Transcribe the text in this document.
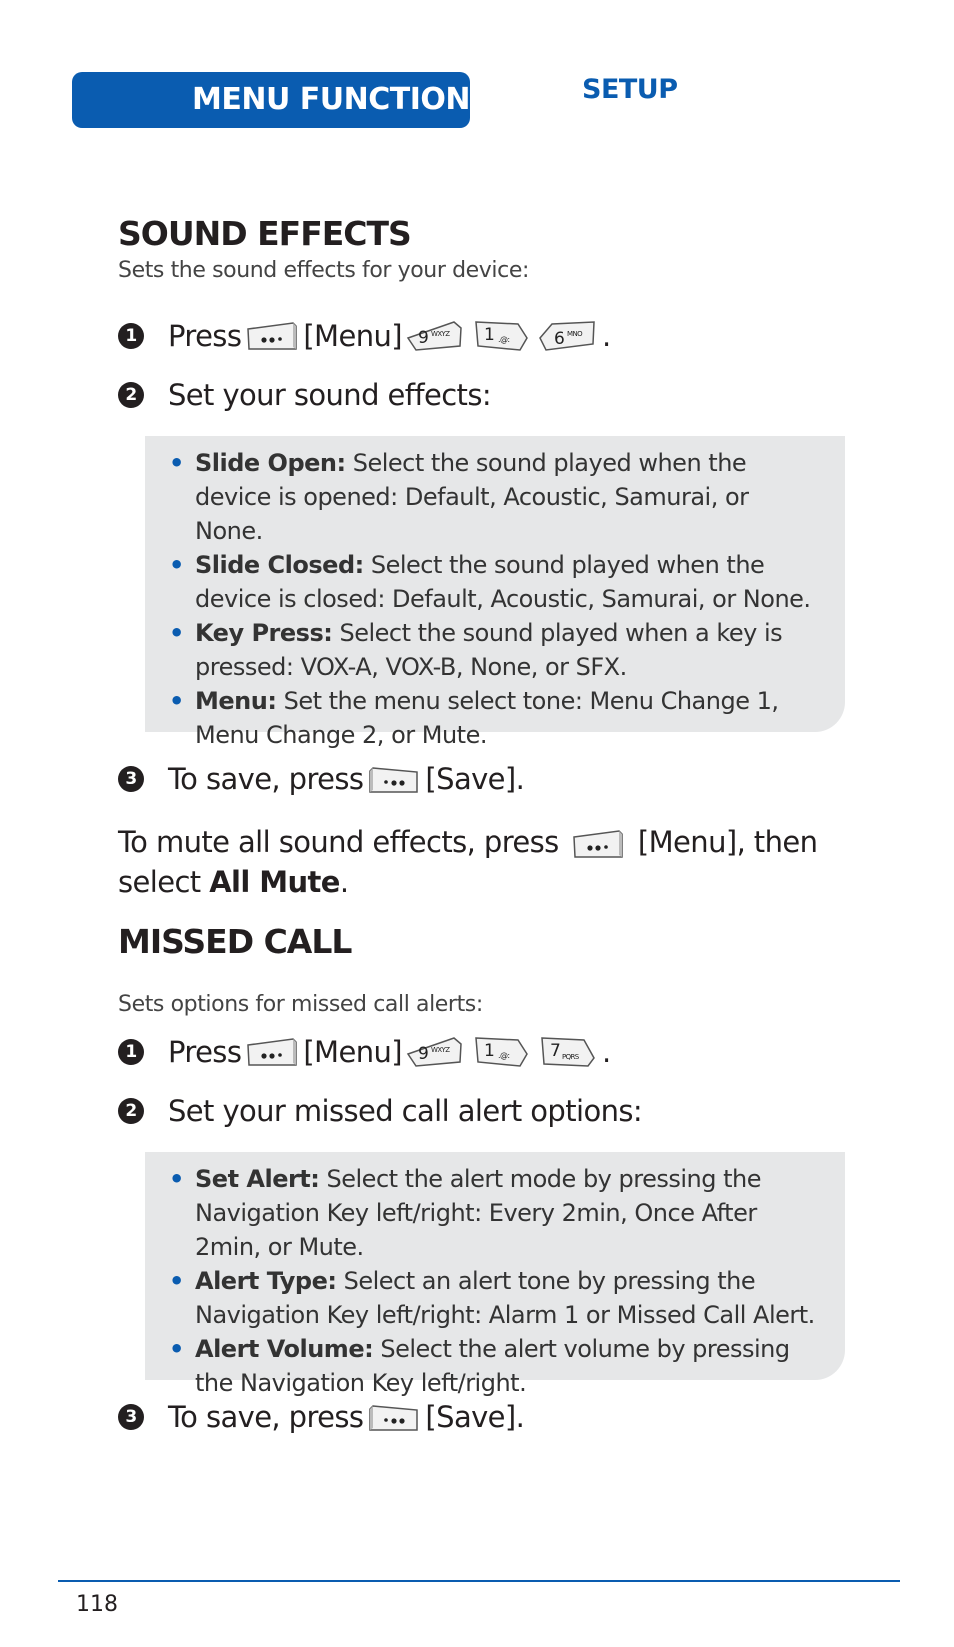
MENU FUNCTIONS	SETUP
SOUND EFFECTS
Sets the sound effects for your device:
1 Press [Menu] 9 WXYZ 1 .@:	6 MNO .
2 Set your sound effects:
• Slide Open: Select the sound played when the device is opened: Default, Acoustic, Samurai, or None.
• Slide Closed: Select the sound played when the device is closed: Default, Acoustic, Samurai, or None.
• Key Press: Select the sound played when a key is pressed: VOX-A, VOX-B, None, or SFX.
• Menu: Set the menu select tone: Menu Change 1, Menu Change 2, or Mute.
3 To save, press [Save].
To mute all sound effects, press	[Menu], then select All Mute.
MISSED CALL
Sets options for missed call alerts:
1 Press [Menu] 9 WXYZ 1 .@: 7 PQRS .
2 Set your missed call alert options:
• Set Alert: Select the alert mode by pressing the Navigation Key left/right: Every 2min, Once After 2min, or Mute.
• Alert Type: Select an alert tone by pressing the Navigation Key left/right: Alarm 1 or Missed Call Alert.
• Alert Volume: Select the alert volume by pressing the Navigation Key left/right.
3 To save, press [Save].
118
